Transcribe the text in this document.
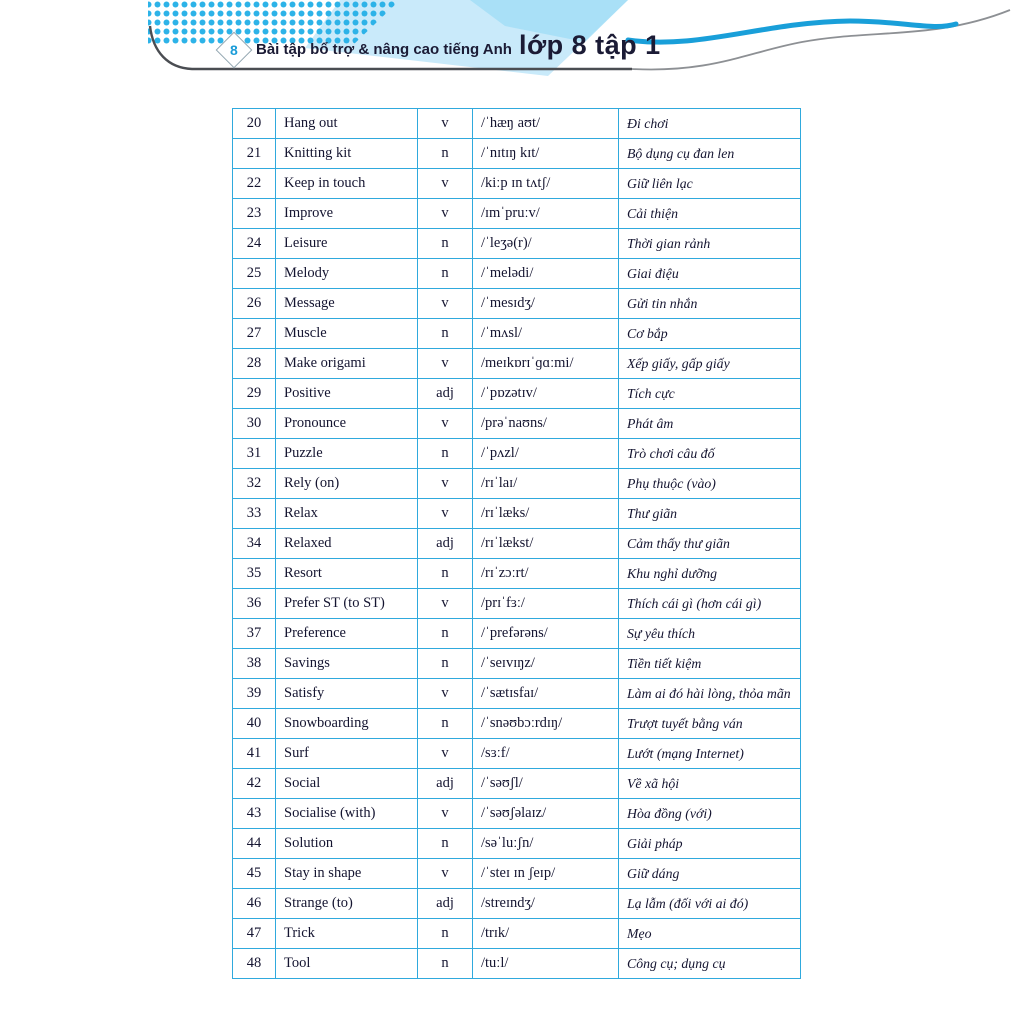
8 Bài tập bổ trợ & nâng cao tiếng Anh lớp 8 tập 1
20	Hang out	v	/ˈhæŋ aʊt/	Đi chơi
21	Knitting kit	n	/ˈnɪtɪŋ kɪt/	Bộ dụng cụ đan len
22	Keep in touch	v	/kiːp ɪn tʌtʃ/	Giữ liên lạc
23	Improve	v	/ɪmˈpruːv/	Cải thiện
24	Leisure	n	/ˈleʒə(r)/	Thời gian rảnh
25	Melody	n	/ˈmelədi/	Giai điệu
26	Message	v	/ˈmesɪdʒ/	Gửi tin nhắn
27	Muscle	n	/ˈmʌsl/	Cơ bắp
28	Make origami	v	/meɪkɒrɪˈɡɑːmi/	Xếp giấy, gấp giấy
29	Positive	adj	/ˈpɒzətɪv/	Tích cực
30	Pronounce	v	/prəˈnaʊns/	Phát âm
31	Puzzle	n	/ˈpʌzl/	Trò chơi câu đố
32	Rely (on)	v	/rɪˈlaɪ/	Phụ thuộc (vào)
33	Relax	v	/rɪˈlæks/	Thư giãn
34	Relaxed	adj	/rɪˈlækst/	Cảm thấy thư giãn
35	Resort	n	/rɪˈzɔːrt/	Khu nghỉ dưỡng
36	Prefer ST (to ST)	v	/prɪˈfɜː/	Thích cái gì (hơn cái gì)
37	Preference	n	/ˈprefərəns/	Sự yêu thích
38	Savings	n	/ˈseɪvɪŋz/	Tiền tiết kiệm
39	Satisfy	v	/ˈsætɪsfaɪ/	Làm ai đó hài lòng, thỏa mãn
40	Snowboarding	n	/ˈsnəʊbɔːrdɪŋ/	Trượt tuyết bằng ván
41	Surf	v	/sɜːf/	Lướt (mạng Internet)
42	Social	adj	/ˈsəʊʃl/	Về xã hội
43	Socialise (with)	v	/ˈsəʊʃəlaɪz/	Hòa đồng (với)
44	Solution	n	/səˈluːʃn/	Giải pháp
45	Stay in shape	v	/ˈsteɪ ɪn ʃeɪp/	Giữ dáng
46	Strange (to)	adj	/streɪndʒ/	Lạ lẫm (đối với ai đó)
47	Trick	n	/trɪk/	Mẹo
48	Tool	n	/tuːl/	Công cụ; dụng cụ
